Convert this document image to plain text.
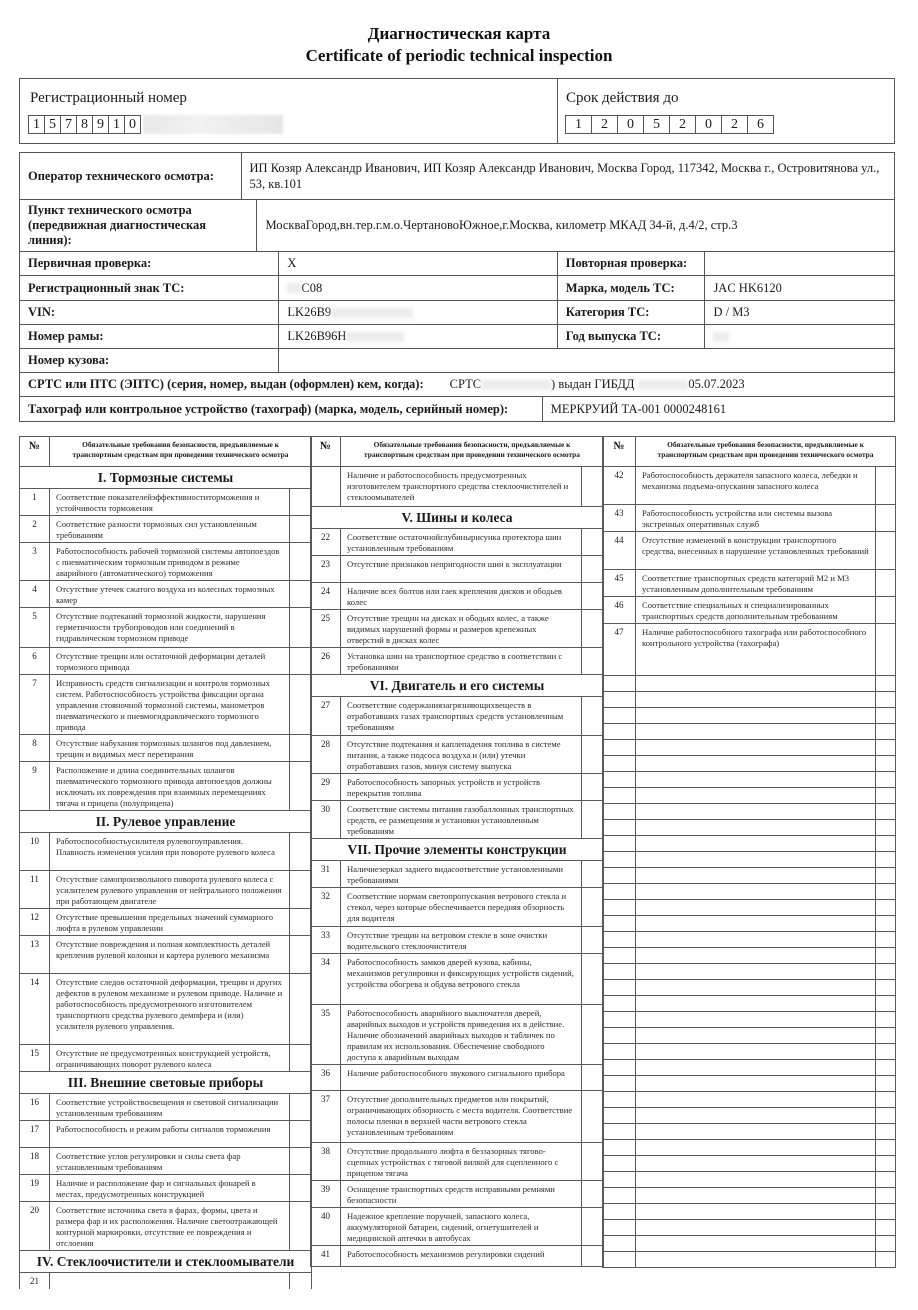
Диагностическая карта
Certificate of periodic technical inspection
Регистрационный номер
1 5 7 8 9 1 0
Срок действия до
1	2	0	5	2	0	2	6
Оператор технического осмотра:
ИП Козяр Александр Иванович, ИП Козяр Александр Иванович, Москва Город, 117342, Москва г., Островитянова ул., 53, кв.101
Пункт технического осмотра
(передвижная диагностическая линия):
МоскваГород,вн.тер.г.м.о.ЧертановоЮжное,г.Москва, километр МКАД 34-й, д.4/2, стр.3
Первичная проверка:	X	Повторная проверка:
Регистрационный знак ТС:	С08	Марка, модель ТС:	JAC HK6120
VIN:	LK26B9	Категория ТС:	D / M3
Номер рамы:	LK26B96H	Год выпуска ТС:
Номер кузова:
СРТС или ПТС (ЭПТС) (серия, номер, выдан (оформлен) кем, когда): СРТС	) выдан ГИБДД	05.07.2023
Тахограф или контрольное устройство (тахограф) (марка, модель, серийный номер):	МЕРКРУИЙ ТА-001 0000248161
№	Обязательные требования безопасности, предъявляемые к
транспортным средствам при проведении технического осмотра	

I. Тормозные системы		
1	Соответствие показателейэффективноститорможения и устойчивости торможения	
2	Соответствие разности тормозных сил установленным требованиям	
3	Работоспособность рабочей тормозной системы автопоездов с пневматическим тормозным приводом в режиме аварийного (автоматического) торможения	
4	Отсутствие утечек сжатого воздуха из колесных тормозных камер	
5	Отсутствие подтеканий тормозной жидкости, нарушения герметичности трубопроводов или соединений в гидравлическом тормозном приводе	
6	Отсутствие трещин или остаточной деформации деталей тормозного привода	
7	Исправность средств сигнализации и контроля тормозных систем. Работоспособность устройства фиксации органа управления стояночной тормозной системы, манометров пневматического и пневмогидравлического тормозного привода	
8	Отсутствие набухания тормозных шлангов под давлением, трещин и видимых мест перетирания	
9	Расположение и длина соединительных шлангов пневматического тормозного привода автопоездов должны исключать их повреждения при взаимных перемещениях тягача и прицепа (полуприцепа)	
II. Рулевое управление		
10	Работоспособностьусилителя рулевогоуправления. Плавность изменения усилия при повороте рулевого колеса	
11	Отсутствие самопроизвольного поворота рулевого колеса с усилителем рулевого управления от нейтрального положения при работающем двигателе	
12	Отсутствие превышения предельных значений суммарного люфта в рулевом управлении	
13	Отсутствие повреждения и полная комплектность деталей крепления рулевой колонки и картера рулевого механизма	
14	Отсутствие следов остаточной деформации, трещин и других дефектов в рулевом механизме и рулевом приводе. Наличие и работоспособность предусмотренного изготовителем транспортного средства рулевого демпфера и (или) усилителя рулевого управления.	
15	Отсутствие не предусмотренных конструкцией устройств, ограничивающих поворот рулевого колеса	
III. Внешние световые приборы		
16	Соответствие устройствосвещения и световой сигнализации установленным требованиям	
17	Работоспособность и режим работы сигналов торможения	
18	Соответствие углов регулировки и силы света фар установленным требованиям	
19	Наличие и расположение фар и сигнальных фонарей в местах, предусмотренных конструкцией	
20	Соответствие источника света в фарах, формы, цвета и размера фар и их расположения. Наличие светоотражающей контурной маркировки, отсутствие ее повреждения и отслоения	
IV. Стеклоочистители и стеклоомыватели		
21		
№	Обязательные требования безопасности, предъявляемые к
транспортным средствам при проведении технического осмотра	

	Наличие и работоспособность предусмотренных изготовителем транспортного средства стеклоочистителей и стеклоомывателей	
V. Шины и колеса		
22	Соответствие остаточнойглубинырисунка протектора шин установленным требованиям	
23	Отсутствие признаков непригодности шин к эксплуатации	
24	Наличие всех болтов или гаек крепления дисков и ободьев колес	
25	Отсутствие трещин на дисках и ободьях колес, а также видимых нарушений формы и размеров крепежных отверстий в дисках колес	
26	Установка шин на транспортное средство в соответствии с требованиями	
VI. Двигатель и его системы		
27	Соответствие содержаниязагрязняющихвеществ в отработавших газах транспортных средств установленным требованиям	
28	Отсутствие подтекания и каплепадения топлива в системе питания, а также подсоса воздуха и (или) утечки отработавших газов, минуя систему выпуска	
29	Работоспособность запорных устройств и устройств перекрытия топлива	
30	Соответствие системы питания газобаллонных транспортных средств, ее размещения и установки установленным требованиям	
VII. Прочие элементы конструкции		
31	Наличиезеркал заднего видасоответствие установленными требованиями	
32	Соответствие нормам светопропускания ветрового стекла и стекол, через которые обеспечивается передняя обзорность для водителя	
33	Отсутствие трещин на ветровом стекле в зоне очистки водительского стеклоочистителя	
34	Работоспособность замков дверей кузова, кабины, механизмов регулировки и фиксирующих устройств сидений, устройства обогрева и обдува ветрового стекла	
35	Работоспособность аварийного выключателя дверей, аварийных выходов и устройств приведения их в действие. Наличие обозначений аварийных выходов и табличек по правилам их использования. Обеспечение свободного доступа к аварийным выходам	
36	Наличие работоспособного звукового сигнального прибора	
37	Отсутствие дополнительных предметов или покрытий, ограничивающих обзорность с места водителя. Соответствие полосы пленки в верхней части ветрового стекла установленным требованиям	
38	Отсутствие продольного люфта в беззазорных тягово-сцепных устройствах с тяговой вилкой для сцепленного с прицепом тягача	
39	Оснащение транспортных средств исправными ремнями безопасности	
40	Надежное крепление поручней, запасного колеса, аккумуляторной батареи, сидений, огнетушителей и медицинской аптечки в автобусах	
41	Работоспособность механизмов регулировки сидений	
№	Обязательные требования безопасности, предъявляемые к
транспортным средствам при проведении технического осмотра	

42	Работоспособность держателя запасного колеса, лебедки и механизма подъема-опускания запасного колеса	
43	Работоспособность устройства или системы вызова экстренных оперативных служб	
44	Отсутствие изменений в конструкции транспортного средства, внесенных в нарушение установленных требований	
45	Соответствие транспортных средств категорий М2 и М3 установленным дополнительным требованиям	
46	Соответствие специальных и специализированных транспортных средств дополнительным требованиям	
47	Наличие работоспособного тахографа или работоспособного контрольного устройства (тахографа)	
